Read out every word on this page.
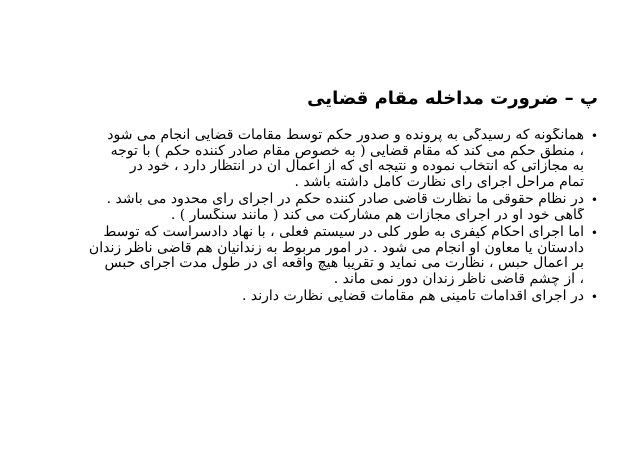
پ – ضرورت مداخله مقام قضایی
•
همانگونه که رسیدگی به پرونده و صدور حکم توسط مقامات قضایی انجام می شود
، منطق حکم می کند که مقام قضایی ( به خصوص مقام صادر کننده حکم ) با توجه
به مجازاتی که انتخاب نموده و نتیجه ای که از اعمال آن در انتظار دارد ، خود در
تمام مراحل اجرای رای نظارت کامل داشته باشد .
•
در نظام حقوقی ما نظارت قاضی صادر کننده حکم در اجرای رای محدود می باشد .
گاهی خود او در اجرای مجازات هم مشارکت می کند ( مانند سنگسار ) .
•
اما اجرای احکام کیفری به طور کلی در سیستم فعلی ، با نهاد دادسراست که توسط
دادستان یا معاون او انجام می شود . در امور مربوط به زندانیان هم قاضی ناظر زندان
بر اعمال حبس ، نظارت می نماید و تقریبا هیچ واقعه ای در طول مدت اجرای حبس
، از چشم قاضی ناظر زندان دور نمی ماند .
•
در اجرای اقدامات تامینی هم مقامات قضایی نظارت دارند .
